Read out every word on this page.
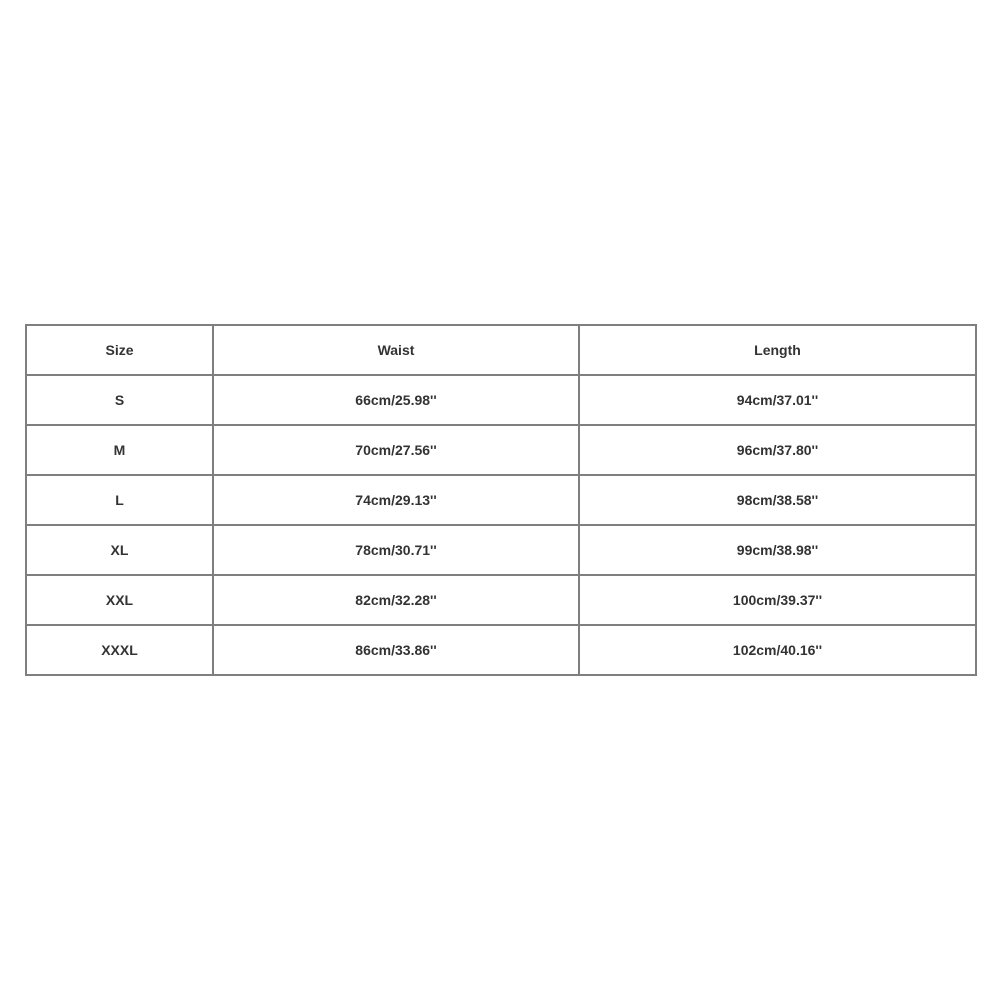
Size	Waist	Length
S	66cm/25.98''	94cm/37.01''
M	70cm/27.56''	96cm/37.80''
L	74cm/29.13''	98cm/38.58''
XL	78cm/30.71''	99cm/38.98''
XXL	82cm/32.28''	100cm/39.37''
XXXL	86cm/33.86''	102cm/40.16''
